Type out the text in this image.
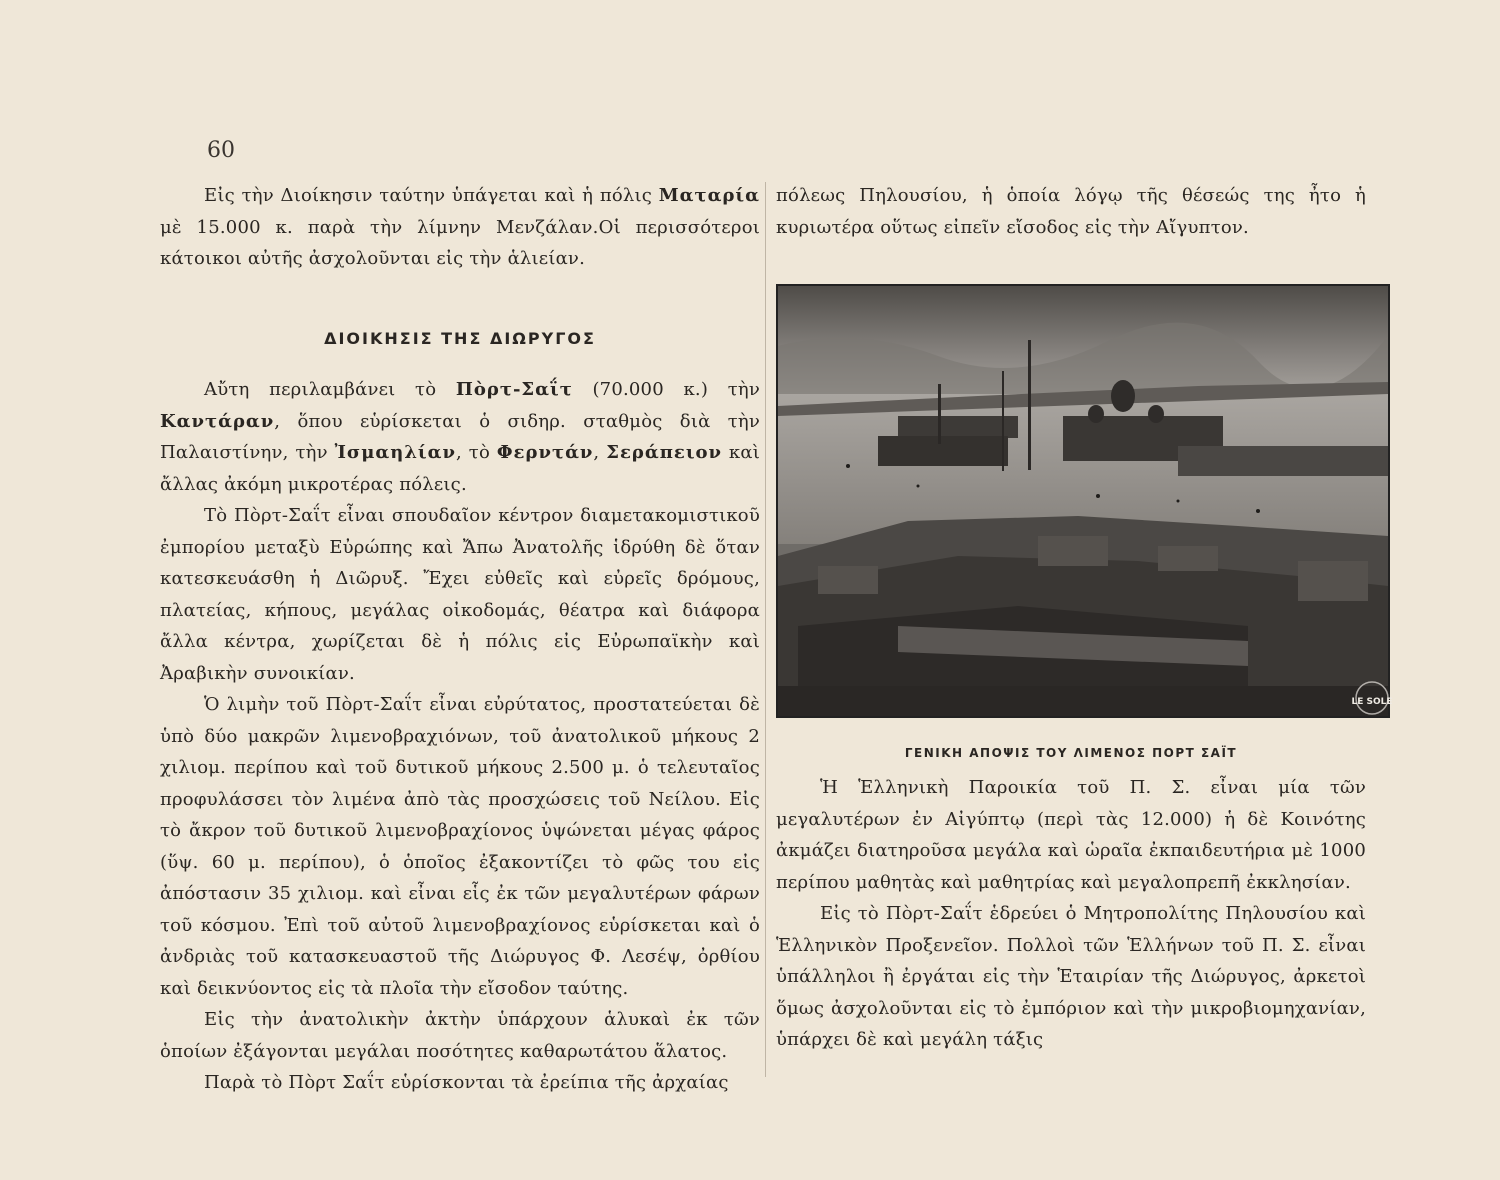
60

Εἰς τὴν Διοίκησιν ταύτην ὑπάγεται καὶ ἡ πόλις Ματαρία μὲ 15.000 κ. παρὰ τὴν λίμνην Μενζάλαν.Οἱ περισσότεροι κάτοικοι αὐτῆς ἀσχολοῦνται εἰς τὴν ἁλιείαν.

ΔΙΟΙΚΗΣΙΣ ΤΗΣ ΔΙΩΡΥΓΟΣ

Αὔτη περιλαμβάνει τὸ Πὸρτ-Σαΐτ (70.000 κ.) τὴν Καντάραν, ὅπου εὑρίσκεται ὁ σιδηρ. σταθμὸς διὰ τὴν Παλαιστίνην, τὴν Ἰσμαηλίαν, τὸ Φερντάν, Σεράπειον καὶ ἄλλας ἀκόμη μικροτέρας πόλεις.

Τὸ Πὸρτ-Σαΐτ εἶναι σπουδαῖον κέντρον διαμετακομιστικοῦ ἐμπορίου μεταξὺ Εὐρώπης καὶ Ἄπω Ἀνατολῆς ἱδρύθη δὲ ὅταν κατεσκευάσθη ἡ Διῶρυξ. Ἔχει εὐθεῖς καὶ εὐρεῖς δρόμους, πλατείας, κήπους, μεγάλας οἰκοδομάς, θέατρα καὶ διάφορα ἄλλα κέντρα, χωρίζεται δὲ ἡ πόλις εἰς Εὐρωπαϊκὴν καὶ Ἀραβικὴν συνοικίαν.

Ὁ λιμὴν τοῦ Πὸρτ-Σαΐτ εἶναι εὐρύτατος, προστατεύεται δὲ ὑπὸ δύο μακρῶν λιμενοβραχιόνων, τοῦ ἀνατολικοῦ μήκους 2 χιλιομ. περίπου καὶ τοῦ δυτικοῦ μήκους 2.500 μ. ὁ τελευταῖος προφυλάσσει τὸν λιμένα ἀπὸ τὰς προσχώσεις τοῦ Νείλου. Εἰς τὸ ἄκρον τοῦ δυτικοῦ λιμενοβραχίονος ὑψώνεται μέγας φάρος (ὕψ. 60 μ. περίπου), ὁ ὁποῖος ἐξακοντίζει τὸ φῶς του εἰς ἀπόστασιν 35 χιλιομ. καὶ εἶναι εἷς ἐκ τῶν μεγαλυτέρων φάρων τοῦ κόσμου. Ἐπὶ τοῦ αὐτοῦ λιμενοβραχίονος εὑρίσκεται καὶ ὁ ἀνδριὰς τοῦ κατασκευαστοῦ τῆς Διώρυγος Φ. Λεσέψ, ὀρθίου καὶ δεικνύοντος εἰς τὰ πλοῖα τὴν εἴσοδον ταύτης.

Εἰς τὴν ἀνατολικὴν ἀκτὴν ὑπάρχουν ἁλυκαὶ ἐκ τῶν ὁποίων ἐξάγονται μεγάλαι ποσότητες καθαρωτάτου ἅλατος.

Παρὰ τὸ Πὸρτ Σαΐτ εὑρίσκονται τὰ ἐρείπια τῆς ἀρχαίας

πόλεως Πηλουσίου, ἡ ὁποία λόγῳ τῆς θέσεώς της ἦτο ἡ κυριωτέρα οὕτως εἰπεῖν εἴσοδος εἰς τὴν Αἴγυπτον.

LE SOLE
ΓΕΝΙΚΗ ΑΠΟΨΙΣ ΤΟΥ ΛΙΜΕΝΟΣ ΠΟΡΤ ΣΑΪΤ

Ἡ Ἑλληνικὴ Παροικία τοῦ Π. Σ. εἶναι μία τῶν μεγαλυτέρων ἐν Αἰγύπτῳ (περὶ τὰς 12.000) ἡ δὲ Κοινότης ἀκμάζει διατηροῦσα μεγάλα καὶ ὡραῖα ἐκπαιδευτήρια μὲ 1000 περίπου μαθητὰς καὶ μαθητρίας καὶ μεγαλοπρεπῆ ἐκκλησίαν.

Εἰς τὸ Πὸρτ-Σαΐτ ἑδρεύει ὁ Μητροπολίτης Πηλουσίου καὶ Ἑλληνικὸν Προξενεῖον. Πολλοὶ τῶν Ἑλλήνων τοῦ Π. Σ. εἶναι ὑπάλληλοι ἢ ἐργάται εἰς τὴν Ἑταιρίαν τῆς Διώρυγος, ἀρκετοὶ ὅμως ἀσχολοῦνται εἰς τὸ ἐμπόριον καὶ τὴν μικροβιομηχανίαν, ὑπάρχει δὲ καὶ μεγάλη τάξις
